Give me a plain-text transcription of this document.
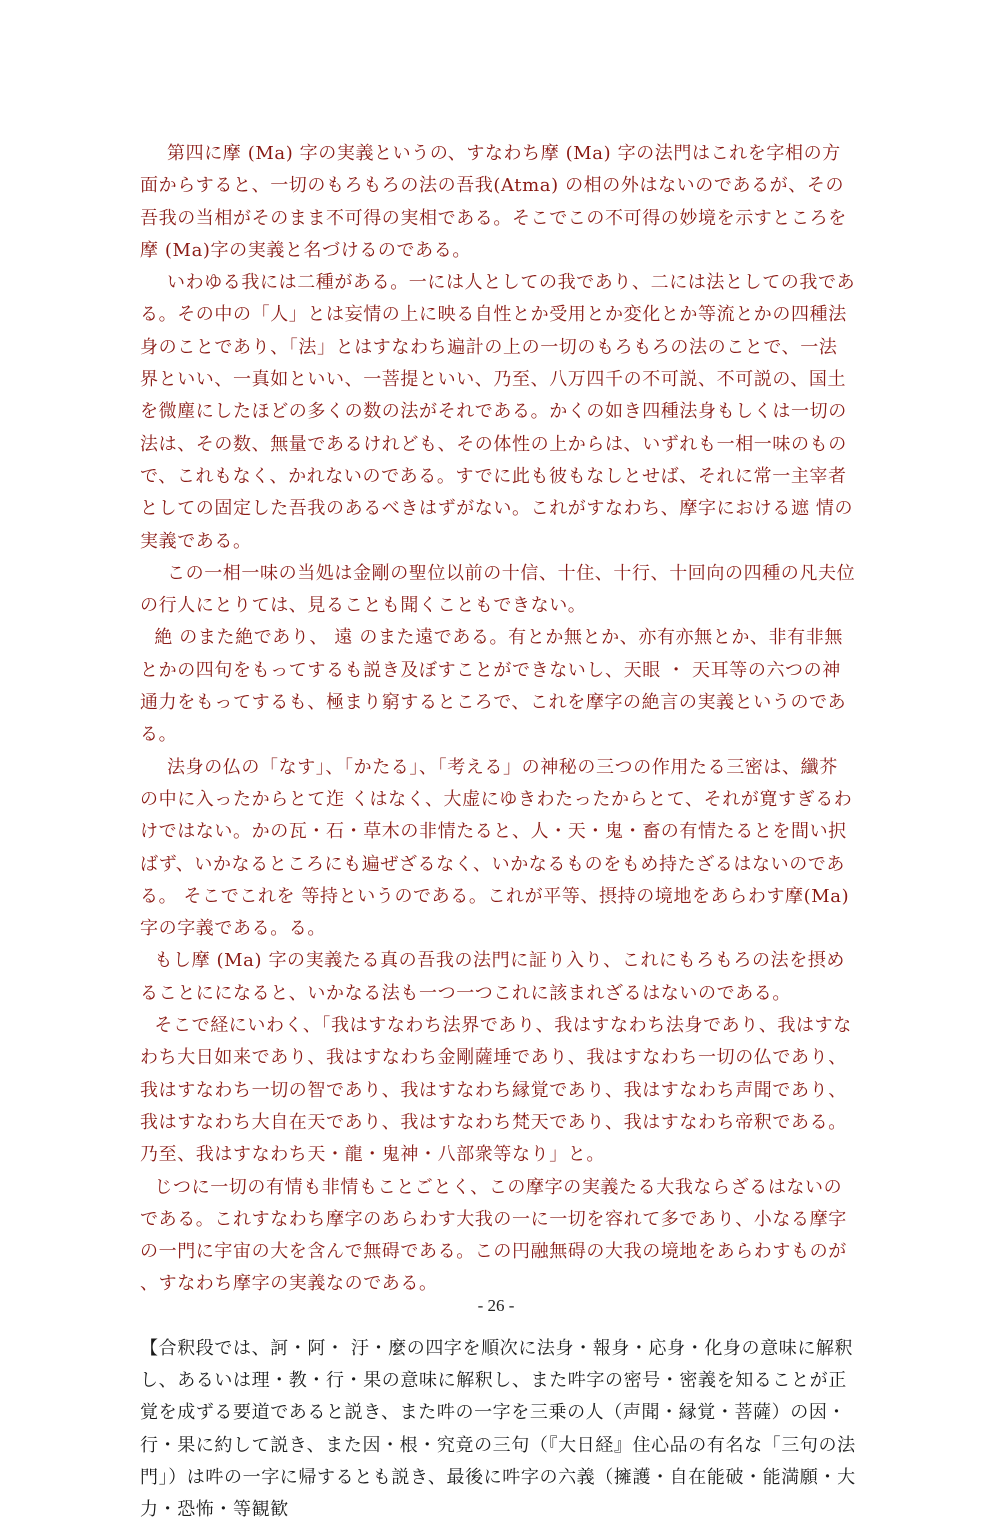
第四に摩 (Ma) 字の実義というの、すなわち摩 (Ma) 字の法門はこれを字相の方面からすると、一切のもろもろの法の吾我(Atma) の相の外はないのであるが、その吾我の当相がそのまま不可得の実相である。そこでこの不可得の妙境を示すところを摩 (Ma)字の実義と名づけるのである。

いわゆる我には二種がある。一には人としての我であり、二には法としての我である。その中の「人」とは妄情の上に映る自性とか受用とか変化とか等流とかの四種法身のことであり、「法」とはすなわち遍計の上の一切のもろもろの法のことで、一法界といい、一真如といい、一菩提といい、乃至、八万四千の不可説、不可説の、国土を微塵にしたほどの多くの数の法がそれである。かくの如き四種法身もしくは一切の法は、その数、無量であるけれども、その体性の上からは、いずれも一相一味のもので、これもなく、かれないのである。すでに此も彼もなしとせば、それに常一主宰者としての固定した吾我のあるべきはずがない。これがすなわち、摩字における遮 情の実義である。

この一相一味の当処は金剛の聖位以前の十信、十住、十行、十回向の四種の凡夫位の行人にとりては、見ることも聞くこともできない。

絶 のまた絶であり、 遠 のまた遠である。有とか無とか、亦有亦無とか、非有非無とかの四句をもってするも説き及ぼすことができないし、天眼 ・ 天耳等の六つの神通力をもってするも、極まり窮するところで、これを摩字の絶言の実義というのである。

法身の仏の「なす」、「かたる」、「考える」の神秘の三つの作用たる三密は、纖芥の中に入ったからとて迮 くはなく、大虚にゆきわたったからとて、それが寛すぎるわけではない。かの瓦・石・草木の非情たると、人・天・鬼・畜の有情たるとを間い択ばず、いかなるところにも遍ぜざるなく、いかなるものをもめ持たざるはないのである。 そこでこれを 等持というのである。これが平等、摂持の境地をあらわす摩(Ma)字の字義である。る。

もし摩 (Ma) 字の実義たる真の吾我の法門に証り入り、これにもろもろの法を摂めることにになると、いかなる法も一つ一つこれに該まれざるはないのである。

そこで経にいわく、「我はすなわち法界であり、我はすなわち法身であり、我はすなわち大日如来であり、我はすなわち金剛薩埵であり、我はすなわち一切の仏であり、我はすなわち一切の智であり、我はすなわち縁覚であり、我はすなわち声聞であり、我はすなわち大自在天であり、我はすなわち梵天であり、我はすなわち帝釈である。乃至、我はすなわち天・龍・鬼神・八部衆等なり」と。

じつに一切の有情も非情もことごとく、この摩字の実義たる大我ならざるはないのである。これすなわち摩字のあらわす大我の一に一切を容れて多であり、小なる摩字の一門に宇宙の大を含んで無碍である。この円融無碍の大我の境地をあらわすものが、すなわち摩字の実義なのである。

【合釈段では、訶・阿・ 汙・麼の四字を順次に法身・報身・応身・化身の意味に解釈し、あるいは理・教・行・果の意味に解釈し、また吽字の密号・密義を知ることが正覚を成ずる要道であると説き、また吽の一字を三乗の人（声聞・縁覚・菩薩）の因・行・果に約して説き、また因・根・究竟の三句（『大日経』住心品の有名な「三句の法門」）は吽の一字に帰するとも説き、最後に吽字の六義（擁護・自在能破・能満願・大力・恐怖・等観歓

- 26 -
